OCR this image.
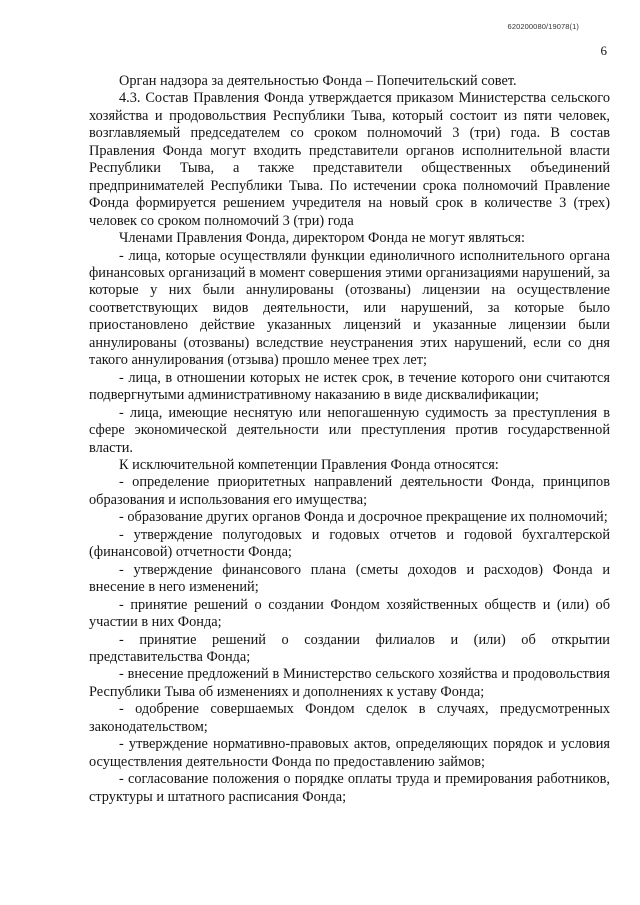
620200080/19078(1)
6

Орган надзора за деятельностью Фонда – Попечительский совет.

4.3. Состав Правления Фонда утверждается приказом Министерства сельского хозяйства и продовольствия Республики Тыва, который состоит из пяти человек, возглавляемый председателем со сроком полномочий 3 (три) года. В состав Правления Фонда могут входить представители органов исполнительной власти Республики Тыва, а также представители общественных объединений предпринимателей Республики Тыва. По истечении срока полномочий Правление Фонда формируется решением учредителя на новый срок в количестве 3 (трех) человек со сроком полномочий 3 (три) года

Членами Правления Фонда, директором Фонда не могут являться:

- лица, которые осуществляли функции единоличного исполнительного органа финансовых организаций в момент совершения этими организациями нарушений, за которые у них были аннулированы (отозваны) лицензии на осуществление соответствующих видов деятельности, или нарушений, за которые было приостановлено действие указанных лицензий и указанные лицензии были аннулированы (отозваны) вследствие неустранения этих нарушений, если со дня такого аннулирования (отзыва) прошло менее трех лет;

- лица, в отношении которых не истек срок, в течение которого они считаются подвергнутыми административному наказанию в виде дисквалификации;

- лица, имеющие неснятую или непогашенную судимость за преступления в сфере экономической деятельности или преступления против государственной власти.

К исключительной компетенции Правления Фонда относятся:

- определение приоритетных направлений деятельности Фонда, принципов образования и использования его имущества;

- образование других органов Фонда и досрочное прекращение их полномочий;

- утверждение полугодовых и годовых отчетов и годовой бухгалтерской (финансовой) отчетности Фонда;

- утверждение финансового плана (сметы доходов и расходов) Фонда и внесение в него изменений;

- принятие решений о создании Фондом хозяйственных обществ и (или) об участии в них Фонда;

- принятие решений о создании филиалов и (или) об открытии представительства Фонда;

- внесение предложений в Министерство сельского хозяйства и продовольствия Республики Тыва об изменениях и дополнениях к уставу Фонда;

- одобрение совершаемых Фондом сделок в случаях, предусмотренных законодательством;

- утверждение нормативно-правовых актов, определяющих порядок и условия осуществления деятельности Фонда по предоставлению займов;

- согласование положения о порядке оплаты труда и премирования работников, структуры и штатного расписания Фонда;
